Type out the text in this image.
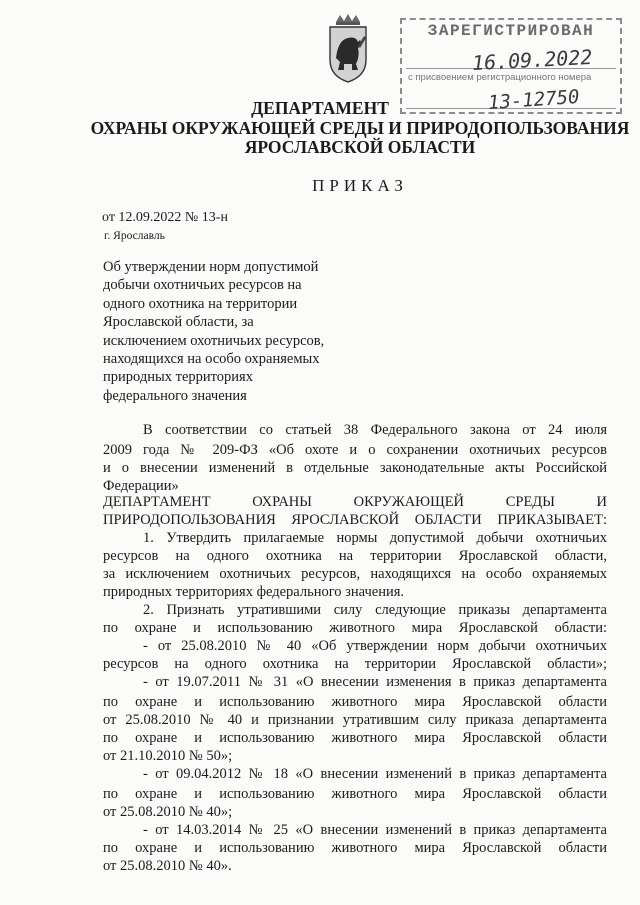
ЗАРЕГИСТРИРОВАН
с присвоением регистрационного номера
16.09.2022
13-12750
ДЕПАРТАМЕНТ
ОХРАНЫ ОКРУЖАЮЩЕЙ СРЕДЫ И ПРИРОДОПОЛЬЗОВАНИЯ
ЯРОСЛАВСКОЙ ОБЛАСТИ
ПРИКАЗ
от 12.09.2022 № 13-н
г. Ярославль
Об утверждении норм допустимой
добычи охотничьих ресурсов на
одного охотника на территории
Ярославской области, за
исключением охотничьих ресурсов,
находящихся на особо охраняемых
природных территориях
федерального значения
В соответствии со статьей 38 Федерального закона от 24 июля
2009 года № 209-ФЗ «Об охоте и о сохранении охотничьих ресурсов
и о внесении изменений в отдельные законодательные акты Российской
Федерации»
ДЕПАРТАМЕНТ ОХРАНЫ ОКРУЖАЮЩЕЙ СРЕДЫ И
ПРИРОДОПОЛЬЗОВАНИЯ ЯРОСЛАВСКОЙ ОБЛАСТИ ПРИКАЗЫВАЕТ:
1. Утвердить прилагаемые нормы допустимой добычи охотничьих
ресурсов на одного охотника на территории Ярославской области,
за исключением охотничьих ресурсов, находящихся на особо охраняемых
природных территориях федерального значения.
2. Признать утратившими силу следующие приказы департамента
по охране и использованию животного мира Ярославской области:
- от 25.08.2010 № 40 «Об утверждении норм добычи охотничьих
ресурсов на одного охотника на территории Ярославской области»;
- от 19.07.2011 № 31 «О внесении изменения в приказ департамента
по охране и использованию животного мира Ярославской области
от 25.08.2010 № 40 и признании утратившим силу приказа департамента
по охране и использованию животного мира Ярославской области
от 21.10.2010 № 50»;
- от 09.04.2012 № 18 «О внесении изменений в приказ департамента
по охране и использованию животного мира Ярославской области
от 25.08.2010 № 40»;
- от 14.03.2014 № 25 «О внесении изменений в приказ департамента
по охране и использованию животного мира Ярославской области
от 25.08.2010 № 40».
